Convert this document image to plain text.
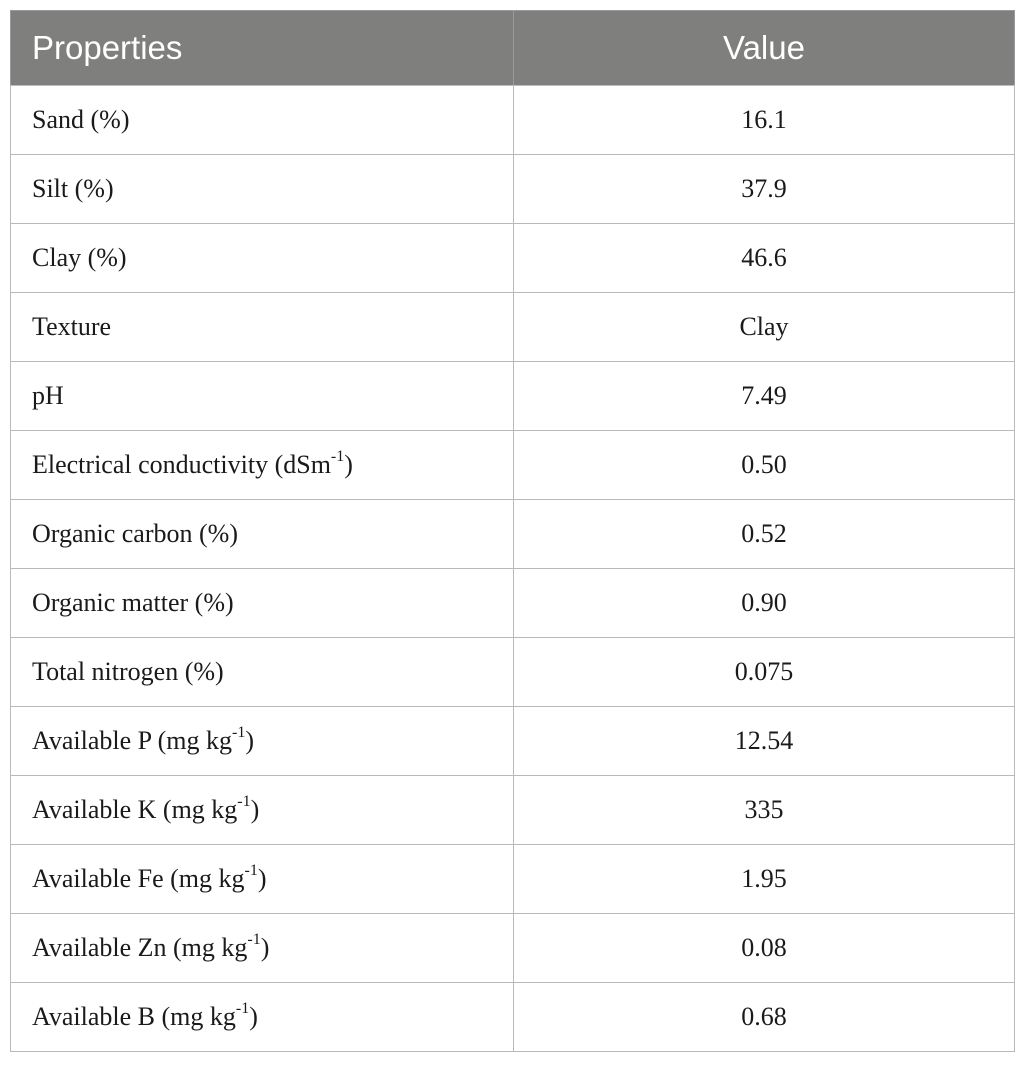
Properties	Value
Sand (%)	16.1
Silt (%)	37.9
Clay (%)	46.6
Texture	Clay
pH	7.49
Electrical conductivity (dSm$^{-1}$)	0.50
Organic carbon (%)	0.52
Organic matter (%)	0.90
Total nitrogen (%)	0.075
Available P (mg $kg^{-1}$)	12.54
Available K (mg $kg^{-1}$)	335
Available Fe (mg $kg^{-1}$)	1.95
Available Zn (mg $kg^{-1}$)	0.08
Available B (mg $kg^{-1}$)	0.68
